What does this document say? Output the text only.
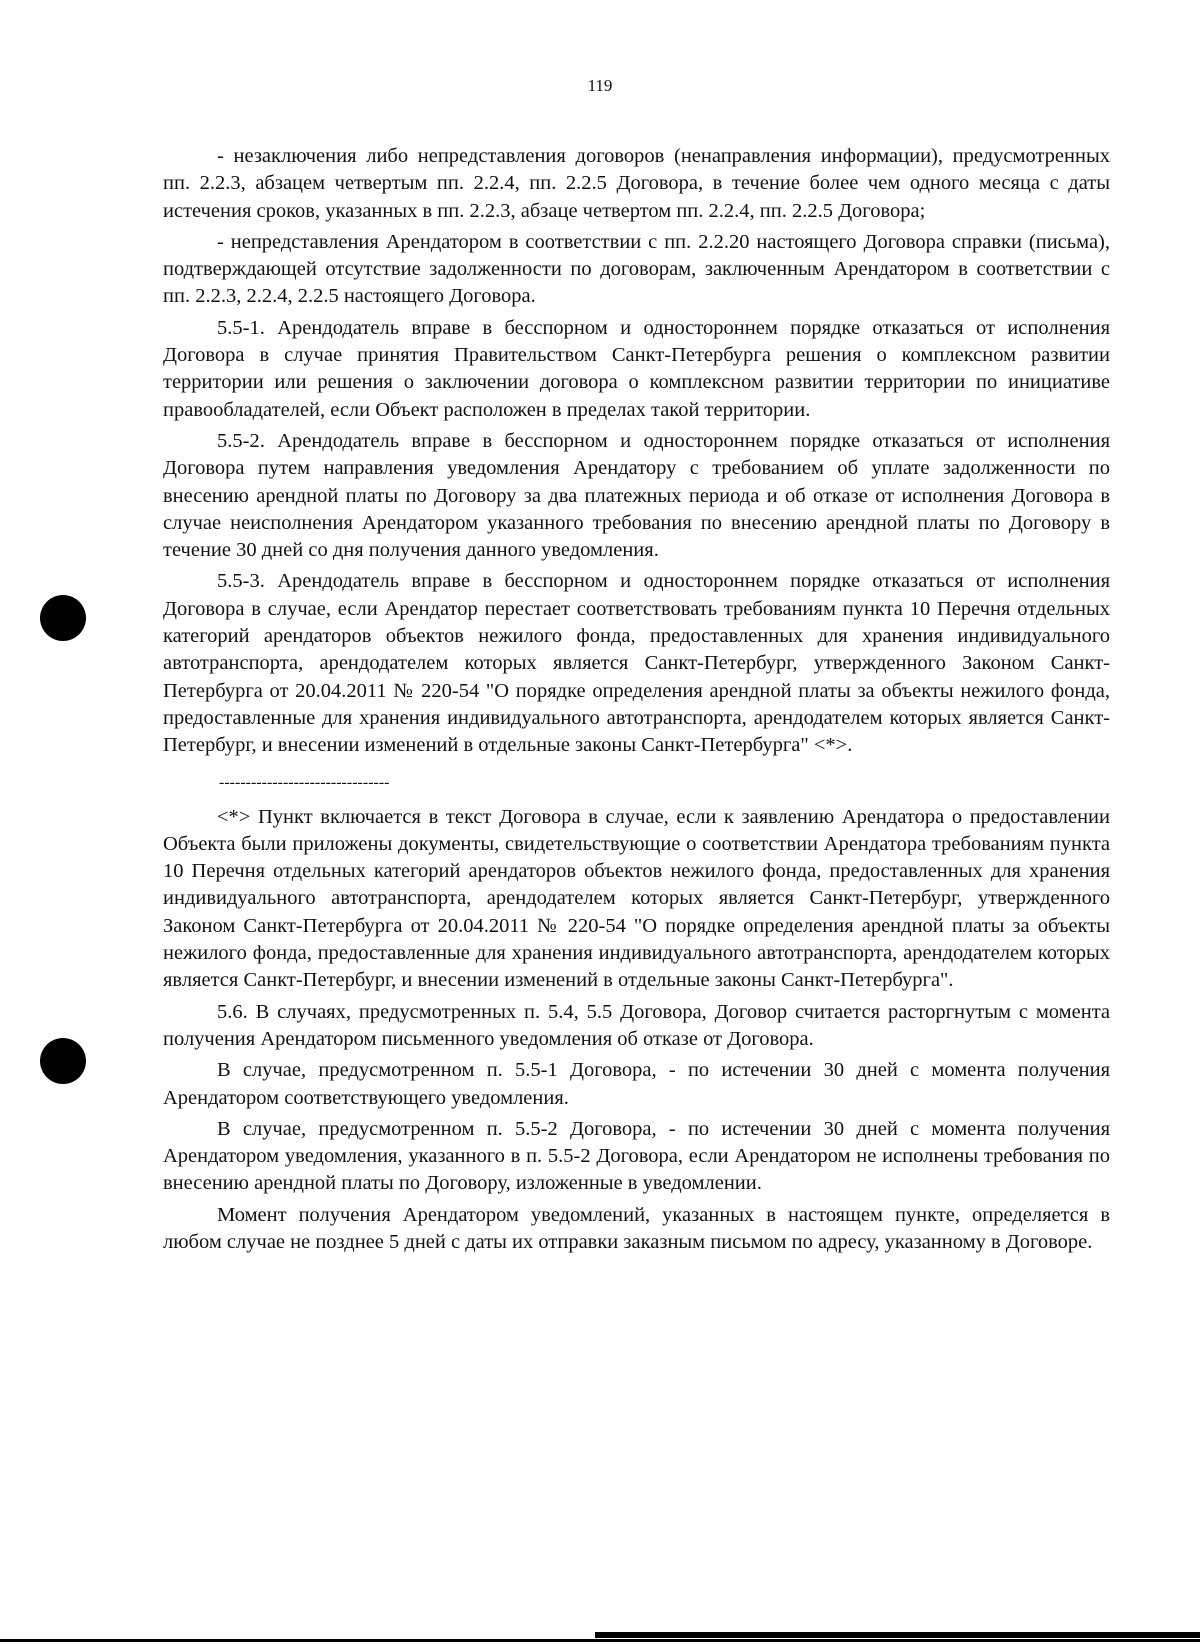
119

- незаключения либо непредставления договоров (ненаправления информации), предусмотренных пп. 2.2.3, абзацем четвертым пп. 2.2.4, пп. 2.2.5 Договора, в течение более чем одного месяца с даты истечения сроков, указанных в пп. 2.2.3, абзаце четвертом пп. 2.2.4, пп. 2.2.5 Договора;

- непредставления Арендатором в соответствии с пп. 2.2.20 настоящего Договора справки (письма), подтверждающей отсутствие задолженности по договорам, заключенным Арендатором в соответствии с пп. 2.2.3, 2.2.4, 2.2.5 настоящего Договора.

5.5-1. Арендодатель вправе в бесспорном и одностороннем порядке отказаться от исполнения Договора в случае принятия Правительством Санкт-Петербурга решения о комплексном развитии территории или решения о заключении договора о комплексном развитии территории по инициативе правообладателей, если Объект расположен в пределах такой территории.

5.5-2. Арендодатель вправе в бесспорном и одностороннем порядке отказаться от исполнения Договора путем направления уведомления Арендатору с требованием об уплате задолженности по внесению арендной платы по Договору за два платежных периода и об отказе от исполнения Договора в случае неисполнения Арендатором указанного требования по внесению арендной платы по Договору в течение 30 дней со дня получения данного уведомления.

5.5-3. Арендодатель вправе в бесспорном и одностороннем порядке отказаться от исполнения Договора в случае, если Арендатор перестает соответствовать требованиям пункта 10 Перечня отдельных категорий арендаторов объектов нежилого фонда, предоставленных для хранения индивидуального автотранспорта, арендодателем которых является Санкт-Петербург, утвержденного Законом Санкт-Петербурга от 20.04.2011 № 220-54 "О порядке определения арендной платы за объекты нежилого фонда, предоставленные для хранения индивидуального автотранспорта, арендодателем которых является Санкт-Петербург, и внесении изменений в отдельные законы Санкт-Петербурга" <*>.

--------------------------------

<*> Пункт включается в текст Договора в случае, если к заявлению Арендатора о предоставлении Объекта были приложены документы, свидетельствующие о соответствии Арендатора требованиям пункта 10 Перечня отдельных категорий арендаторов объектов нежилого фонда, предоставленных для хранения индивидуального автотранспорта, арендодателем которых является Санкт-Петербург, утвержденного Законом Санкт-Петербурга от 20.04.2011 № 220-54 "О порядке определения арендной платы за объекты нежилого фонда, предоставленные для хранения индивидуального автотранспорта, арендодателем которых является Санкт-Петербург, и внесении изменений в отдельные законы Санкт-Петербурга".

5.6. В случаях, предусмотренных п. 5.4, 5.5 Договора, Договор считается расторгнутым с момента получения Арендатором письменного уведомления об отказе от Договора.

В случае, предусмотренном п. 5.5-1 Договора, - по истечении 30 дней с момента получения Арендатором соответствующего уведомления.

В случае, предусмотренном п. 5.5-2 Договора, - по истечении 30 дней с момента получения Арендатором уведомления, указанного в п. 5.5-2 Договора, если Арендатором не исполнены требования по внесению арендной платы по Договору, изложенные в уведомлении.

Момент получения Арендатором уведомлений, указанных в настоящем пункте, определяется в любом случае не позднее 5 дней с даты их отправки заказным письмом по адресу, указанному в Договоре.
